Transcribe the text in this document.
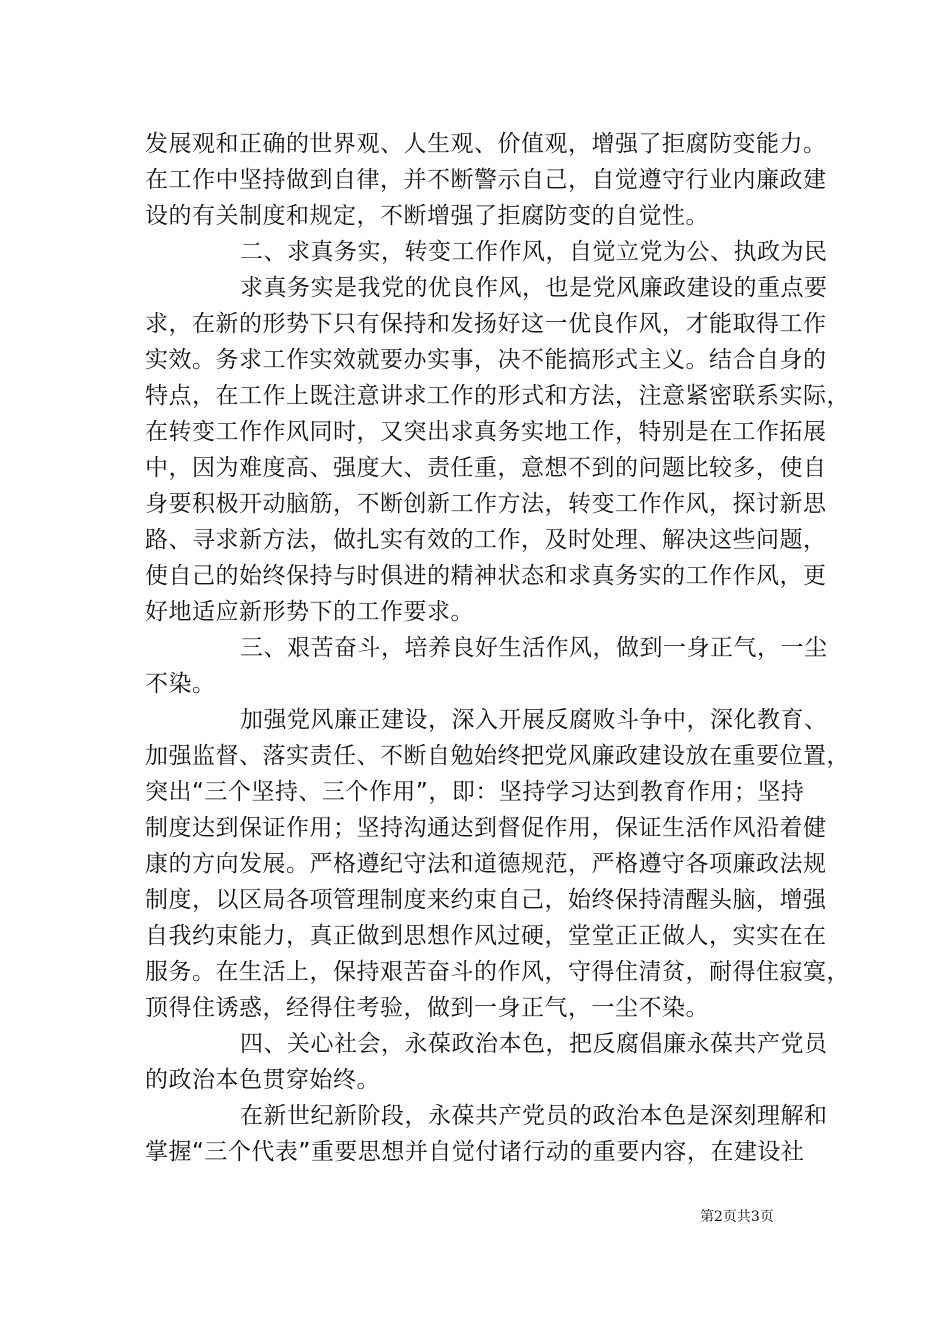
发展观和正确的世界观、人生观、价值观，增强了拒腐防变能力。
在工作中坚持做到自律，并不断警示自己，自觉遵守行业内廉政建
设的有关制度和规定，不断增强了拒腐防变的自觉性。
二、求真务实，转变工作作风，自觉立党为公、执政为民
求真务实是我党的优良作风，也是党风廉政建设的重点要
求，在新的形势下只有保持和发扬好这一优良作风，才能取得工作
实效。务求工作实效就要办实事，决不能搞形式主义。结合自身的
特点，在工作上既注意讲求工作的形式和方法，注意紧密联系实际，
在转变工作作风同时，又突出求真务实地工作，特别是在工作拓展
中，因为难度高、强度大、责任重，意想不到的问题比较多，使自
身要积极开动脑筋，不断创新工作方法，转变工作作风，探讨新思
路、寻求新方法，做扎实有效的工作，及时处理、解决这些问题，
使自己的始终保持与时俱进的精神状态和求真务实的工作作风，更
好地适应新形势下的工作要求。
三、艰苦奋斗，培养良好生活作风，做到一身正气，一尘
不染。
加强党风廉正建设，深入开展反腐败斗争中，深化教育、
加强监督、落实责任、不断自勉始终把党风廉政建设放在重要位置，
突出“三个坚持、三个作用”，即：坚持学习达到教育作用；坚持
制度达到保证作用；坚持沟通达到督促作用，保证生活作风沿着健
康的方向发展。严格遵纪守法和道德规范，严格遵守各项廉政法规
制度，以区局各项管理制度来约束自己，始终保持清醒头脑，增强
自我约束能力，真正做到思想作风过硬，堂堂正正做人，实实在在
服务。在生活上，保持艰苦奋斗的作风，守得住清贫，耐得住寂寞，
顶得住诱惑，经得住考验，做到一身正气，一尘不染。
四、关心社会，永葆政治本色，把反腐倡廉永葆共产党员
的政治本色贯穿始终。
在新世纪新阶段，永葆共产党员的政治本色是深刻理解和
掌握“三个代表”重要思想并自觉付诸行动的重要内容，在建设社
第2页共3页
